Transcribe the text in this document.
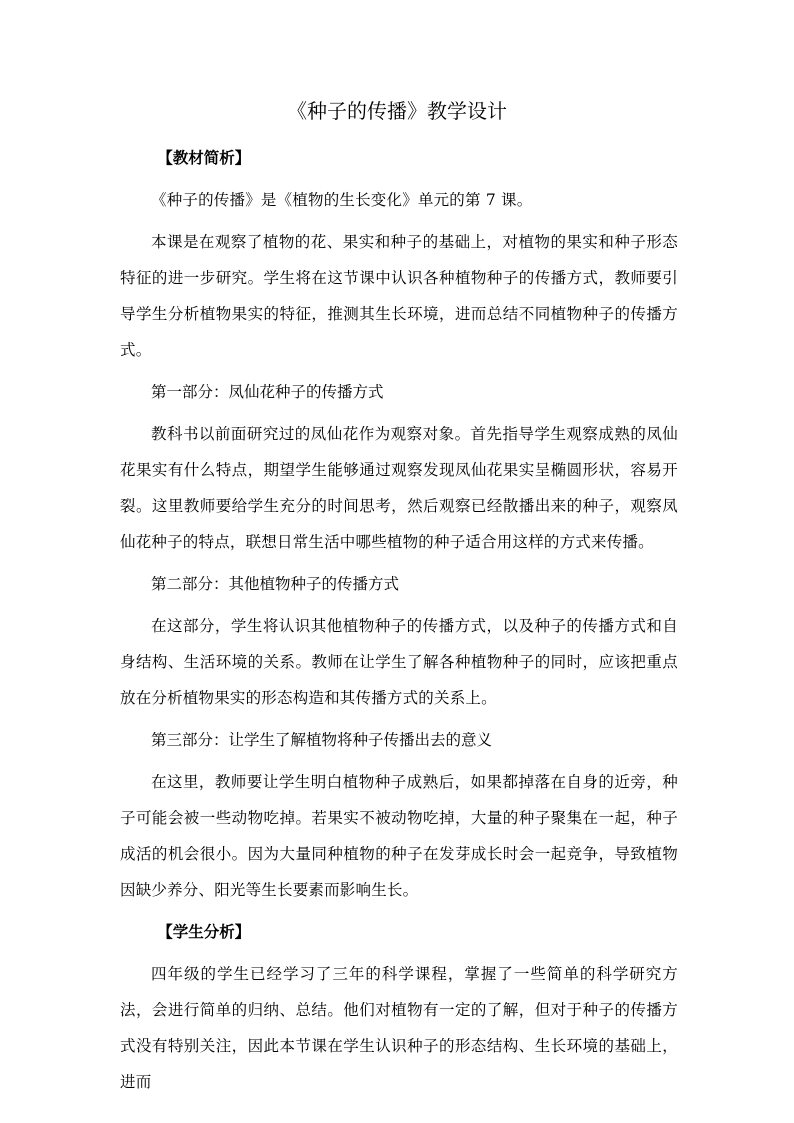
《种子的传播》教学设计

【教材简析】

《种子的传播》是《植物的生长变化》单元的第 7 课。

本课是在观察了植物的花、果实和种子的基础上，对植物的果实和种子形态特征的进一步研究。学生将在这节课中认识各种植物种子的传播方式，教师要引导学生分析植物果实的特征，推测其生长环境，进而总结不同植物种子的传播方式。

第一部分：凤仙花种子的传播方式

教科书以前面研究过的凤仙花作为观察对象。首先指导学生观察成熟的凤仙花果实有什么特点，期望学生能够通过观察发现凤仙花果实呈椭圆形状，容易开裂。这里教师要给学生充分的时间思考，然后观察已经散播出来的种子，观察凤仙花种子的特点，联想日常生活中哪些植物的种子适合用这样的方式来传播。

第二部分：其他植物种子的传播方式

在这部分，学生将认识其他植物种子的传播方式，以及种子的传播方式和自身结构、生活环境的关系。教师在让学生了解各种植物种子的同时，应该把重点放在分析植物果实的形态构造和其传播方式的关系上。

第三部分：让学生了解植物将种子传播出去的意义

在这里，教师要让学生明白植物种子成熟后，如果都掉落在自身的近旁，种子可能会被一些动物吃掉。若果实不被动物吃掉，大量的种子聚集在一起，种子成活的机会很小。因为大量同种植物的种子在发芽成长时会一起竞争，导致植物因缺少养分、阳光等生长要素而影响生长。

【学生分析】

四年级的学生已经学习了三年的科学课程，掌握了一些简单的科学研究方法，会进行简单的归纳、总结。他们对植物有一定的了解，但对于种子的传播方式没有特别关注，因此本节课在学生认识种子的形态结构、生长环境的基础上，进而
